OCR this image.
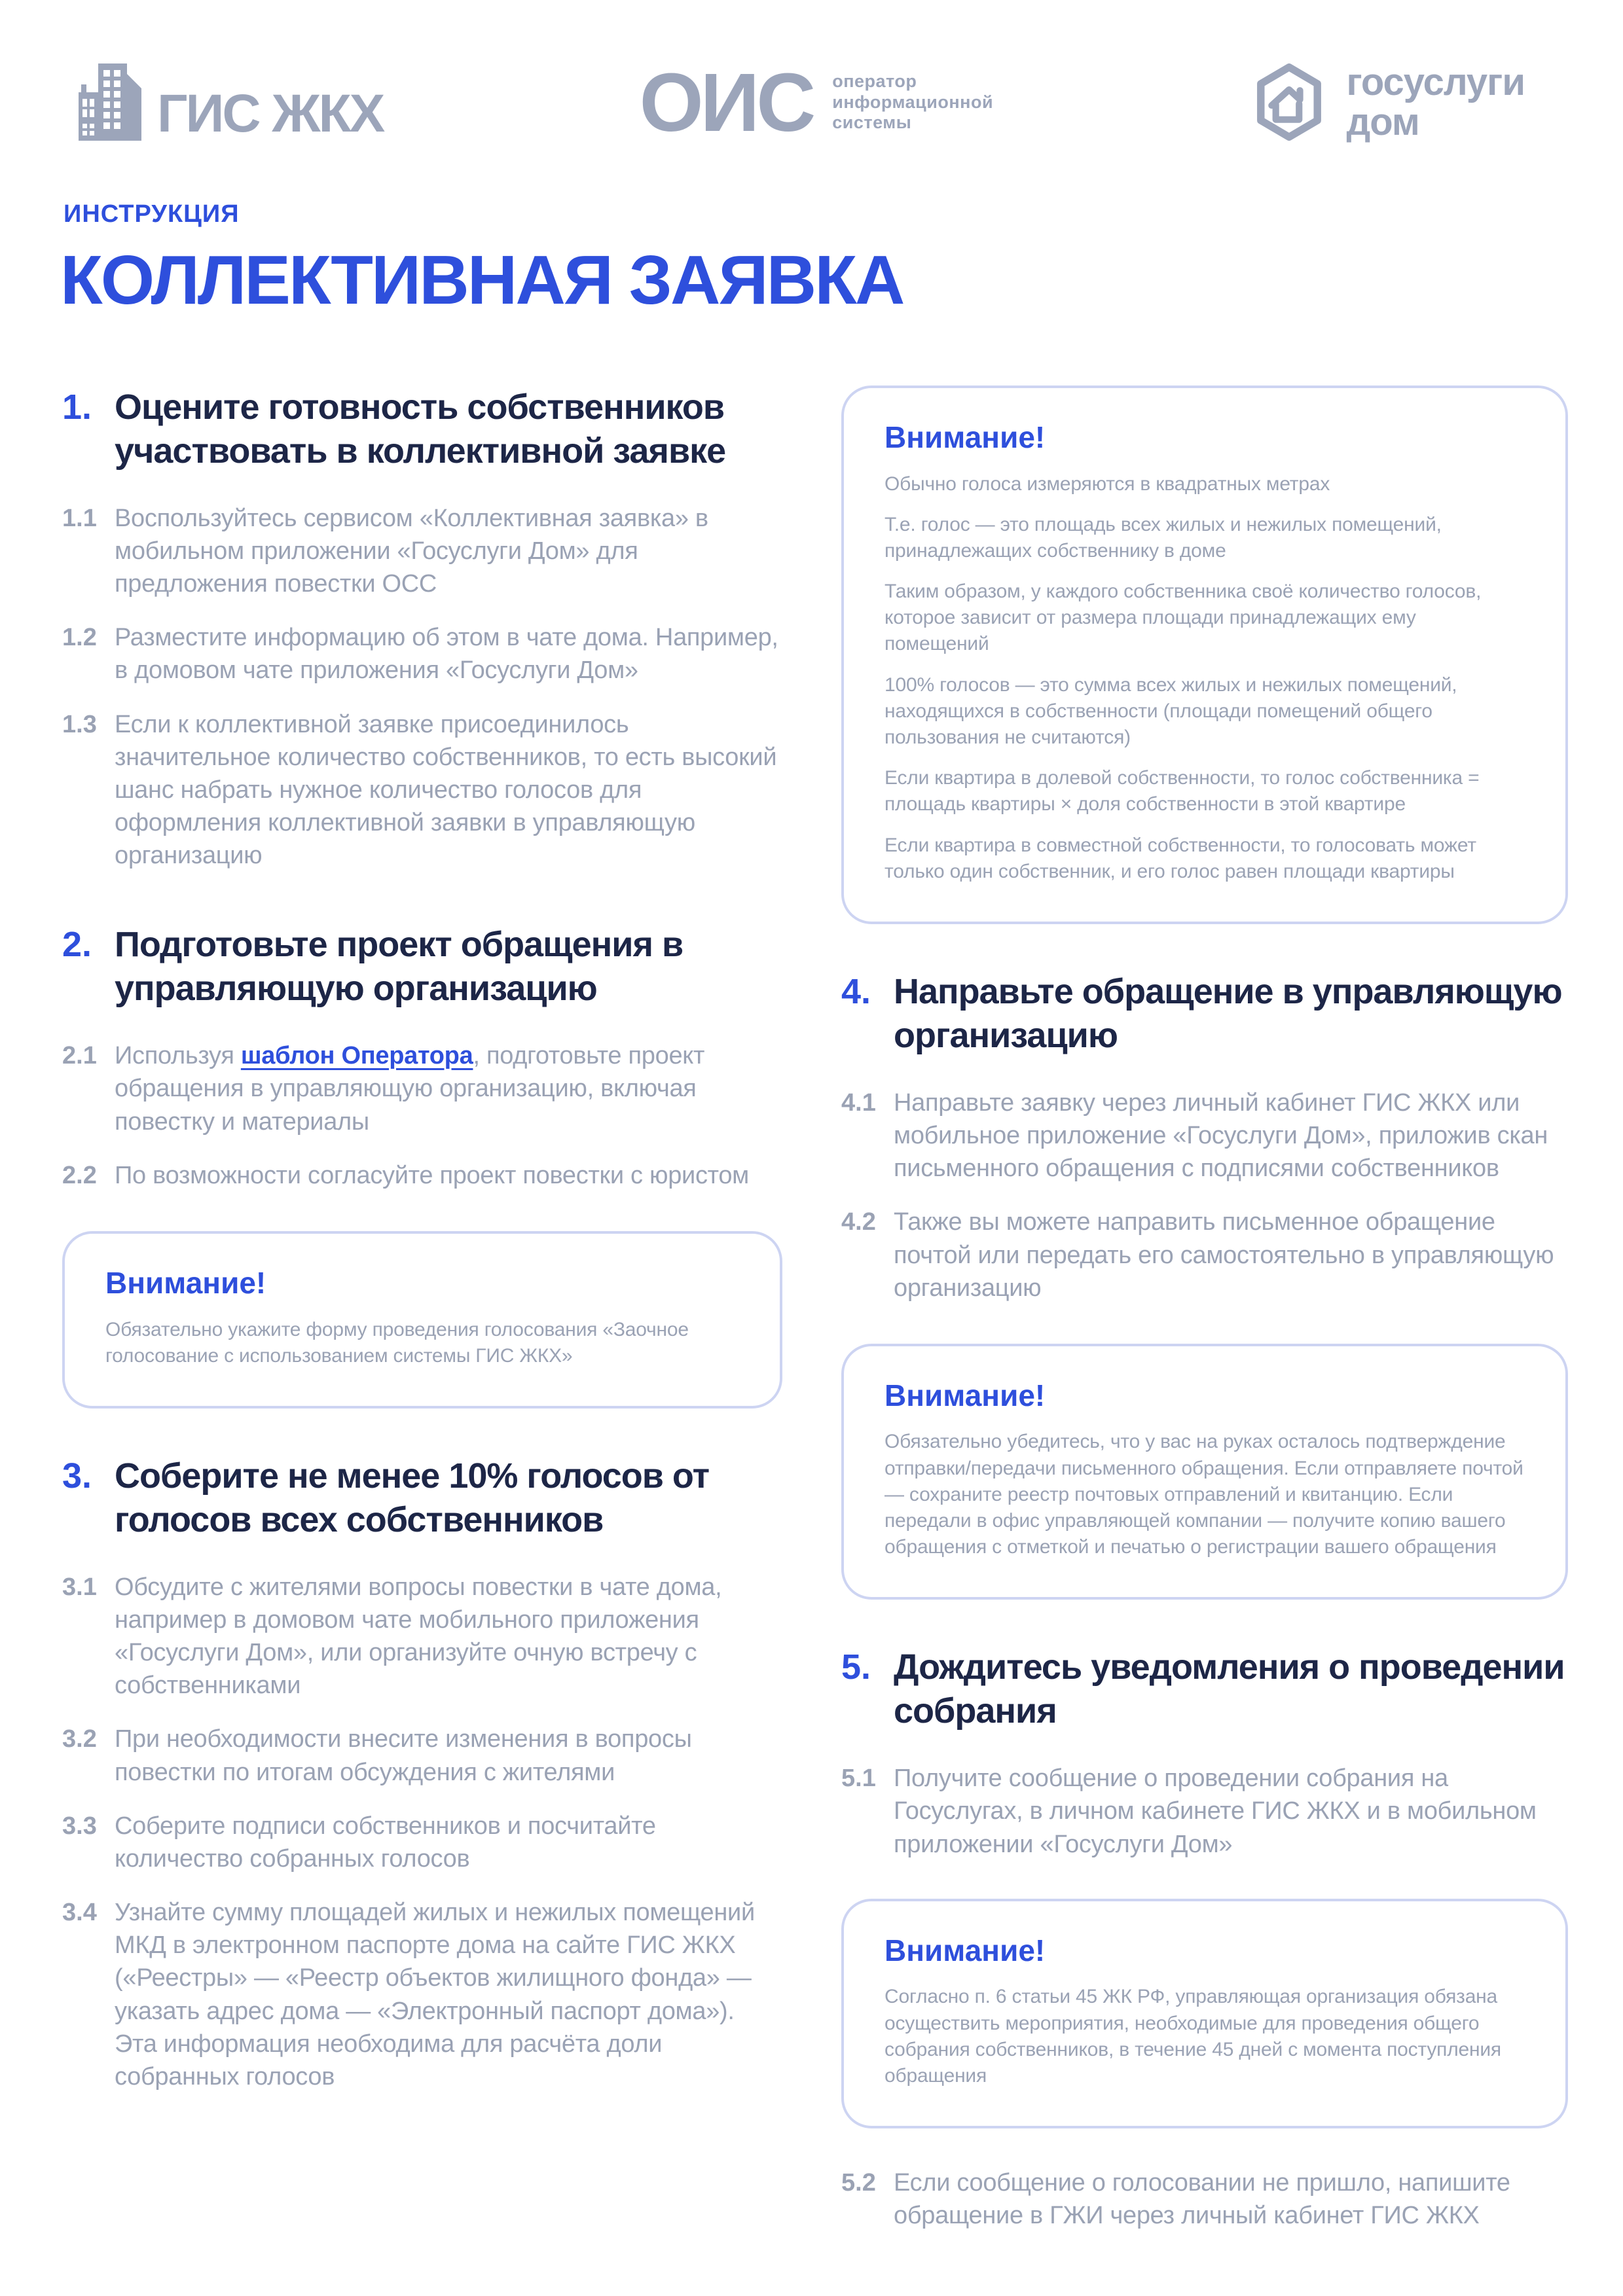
ГИС ЖКХ	ОИС оператор
информационной
системы
госуслуги
дом
ИНСТРУКЦИЯ
КОЛЛЕКТИВНАЯ ЗАЯВКА
1. Оцените готовность собственников участвовать в коллективной заявке
1.1 Воспользуйтесь сервисом «Коллективная заявка» в мобильном приложении «Госуслуги Дом» для предложения повестки ОСС

1.2 Разместите информацию об этом в чате дома. Например, в домовом чате приложения «Госуслуги Дом»

1.3 Если к коллективной заявке присоединилось значительное количество собственников, то есть высокий шанс набрать нужное количество голосов для оформления коллективной заявки в управляющую организацию

2. Подготовьте проект обращения в управляющую организацию
2.1 Используя шаблон Оператора, подготовьте проект обращения в управляющую организацию, включая повестку и материалы

2.2 По возможности согласуйте проект повестки с юристом

Внимание!

Обязательно укажите форму проведения голосования «Заочное голосование с использованием системы ГИС ЖКХ»

3. Соберите не менее 10% голосов от голосов всех собственников
3.1 Обсудите с жителями вопросы повестки в чате дома, например в домовом чате мобильного приложения «Госуслуги Дом», или организуйте очную встречу с собственниками

3.2 При необходимости внесите изменения в вопросы повестки по итогам обсуждения с жителями

3.3 Соберите подписи собственников и посчитайте количество собранных голосов

3.4 Узнайте сумму площадей жилых и нежилых помещений МКД в электронном паспорте дома на сайте ГИС ЖКХ («Реестры» — «Реестр объектов жилищного фонда» — указать адрес дома — «Электронный паспорт дома»). Эта информация необходима для расчёта доли собранных голосов

Внимание!

Обычно голоса измеряются в квадратных метрах

Т.е. голос — это площадь всех жилых и нежилых помещений, принадлежащих собственнику в доме

Таким образом, у каждого собственника своё количество голосов, которое зависит от размера площади принадлежащих ему помещений

100% голосов — это сумма всех жилых и нежилых помещений, находящихся в собственности (площади помещений общего пользования не считаются)

Если квартира в долевой собственности, то голос собственника = площадь квартиры × доля собственности в этой квартире

Если квартира в совместной собственности, то голосовать может только один собственник, и его голос равен площади квартиры

4. Направьте обращение в управляющую организацию
4.1 Направьте заявку через личный кабинет ГИС ЖКХ или мобильное приложение «Госуслуги Дом», приложив скан письменного обращения с подписями собственников

4.2 Также вы можете направить письменное обращение почтой или передать его самостоятельно в управляющую организацию

Внимание!

Обязательно убедитесь, что у вас на руках осталось подтверждение отправки/передачи письменного обращения. Если отправляете почтой — сохраните реестр почтовых отправлений и квитанцию. Если передали в офис управляющей компании — получите копию вашего обращения с отметкой и печатью о регистрации вашего обращения

5. Дождитесь уведомления о проведении собрания
5.1 Получите сообщение о проведении собрания на Госуслугах, в личном кабинете ГИС ЖКХ и в мобильном приложении «Госуслуги Дом»

Внимание!

Согласно п. 6 статьи 45 ЖК РФ, управляющая организация обязана осуществить мероприятия, необходимые для проведения общего собрания собственников, в течение 45 дней с момента поступления обращения

5.2 Если сообщение о голосовании не пришло, напишите обращение в ГЖИ через личный кабинет ГИС ЖКХ
